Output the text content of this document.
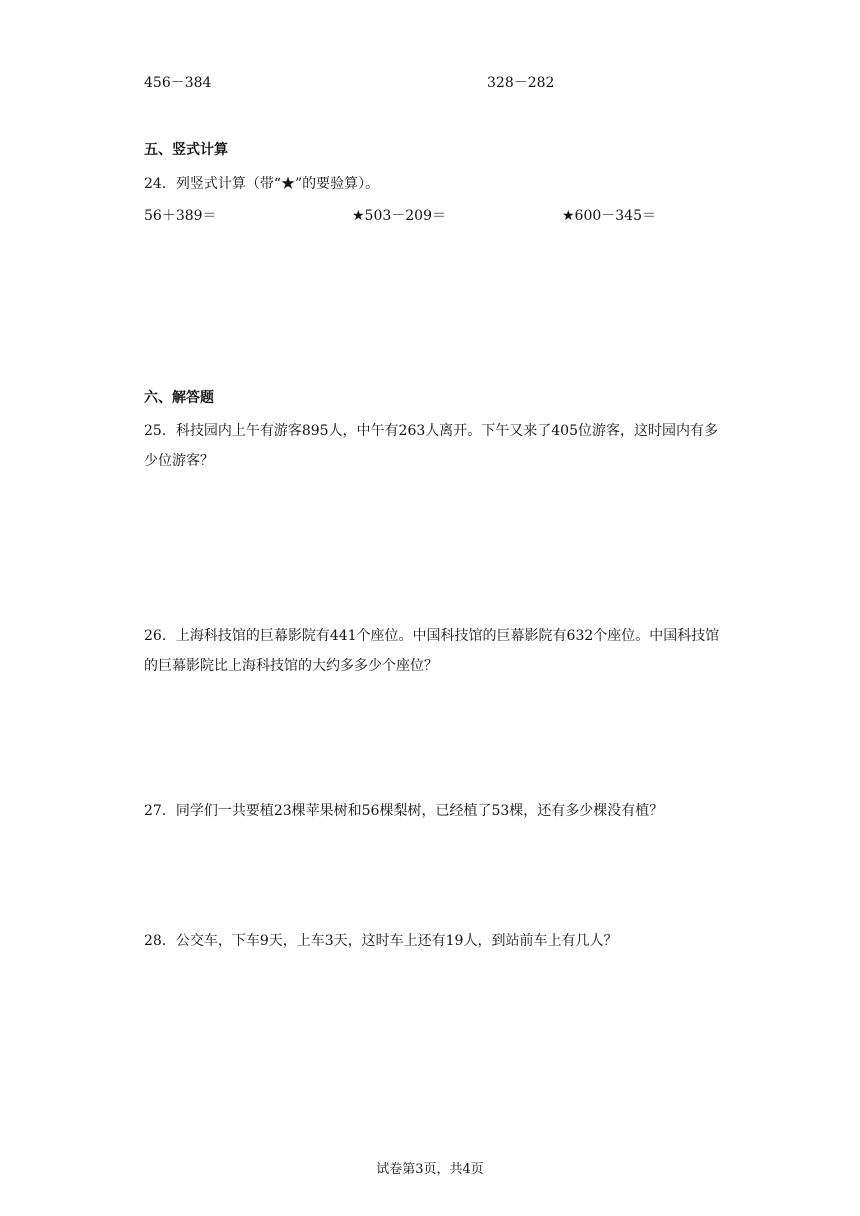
456－384	328－282
五、竖式计算
24．列竖式计算（带“★”的要验算）。
56＋389＝	★503－209＝	★600－345＝
六、解答题
25．科技园内上午有游客895人，中午有263人离开。下午又来了405位游客，这时园内有多少位游客？
26．上海科技馆的巨幕影院有441个座位。中国科技馆的巨幕影院有632个座位。中国科技馆的巨幕影院比上海科技馆的大约多多少个座位？
27．同学们一共要植23棵苹果树和56棵梨树，已经植了53棵，还有多少棵没有植？
28．公交车，下车9天，上车3天，这时车上还有19人，到站前车上有几人？
试卷第3页，共4页
